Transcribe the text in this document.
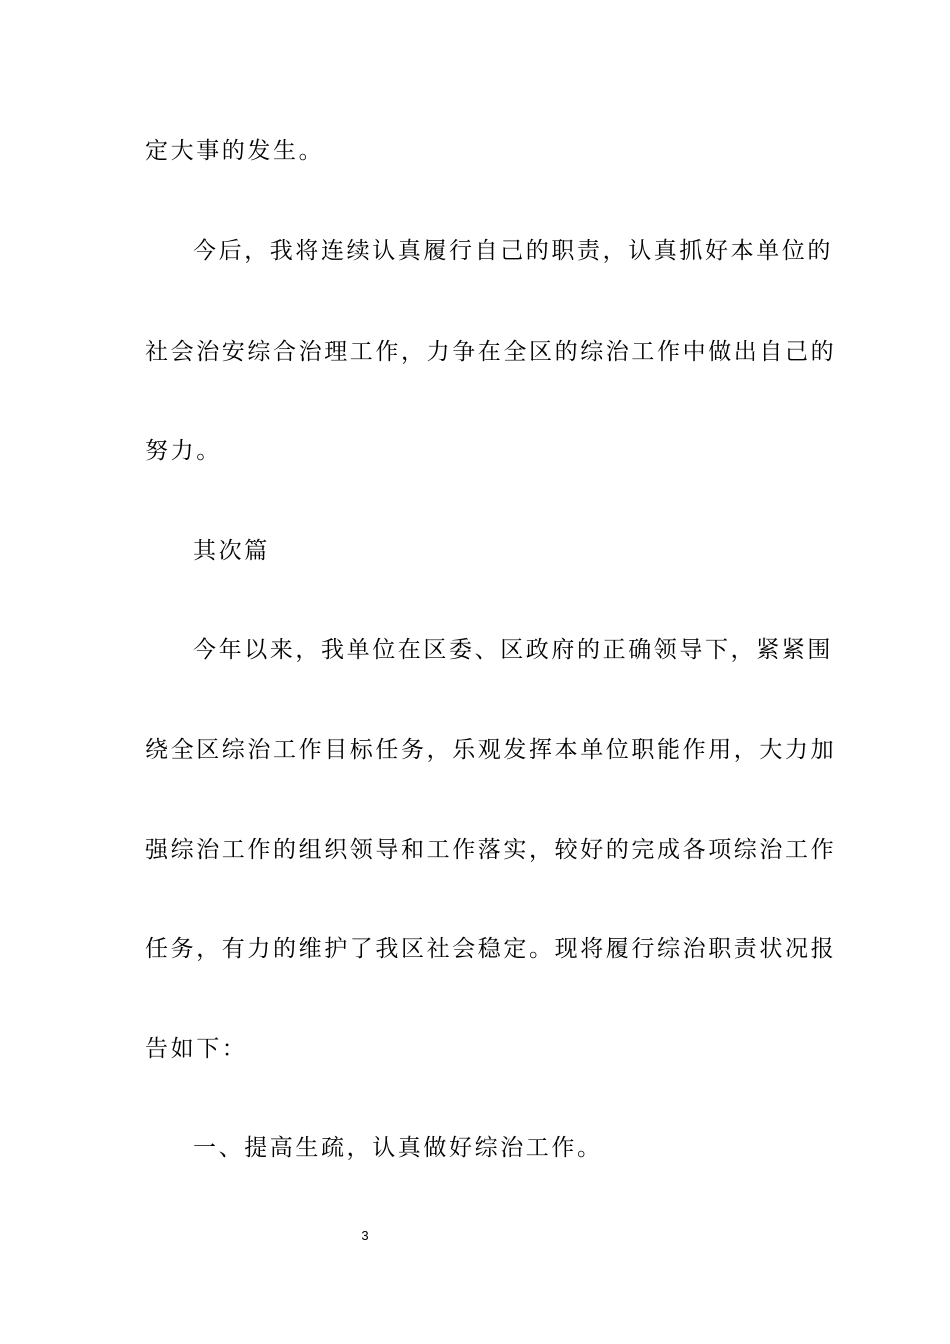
定大事的发生。
今后，我将连续认真履行自己的职责，认真抓好本单位的
社会治安综合治理工作，力争在全区的综治工作中做出自己的
努力。
其次篇
今年以来，我单位在区委、区政府的正确领导下，紧紧围
绕全区综治工作目标任务，乐观发挥本单位职能作用，大力加
强综治工作的组织领导和工作落实，较好的完成各项综治工作
任务，有力的维护了我区社会稳定。现将履行综治职责状况报
告如下：
一、提高生疏，认真做好综治工作。
3
